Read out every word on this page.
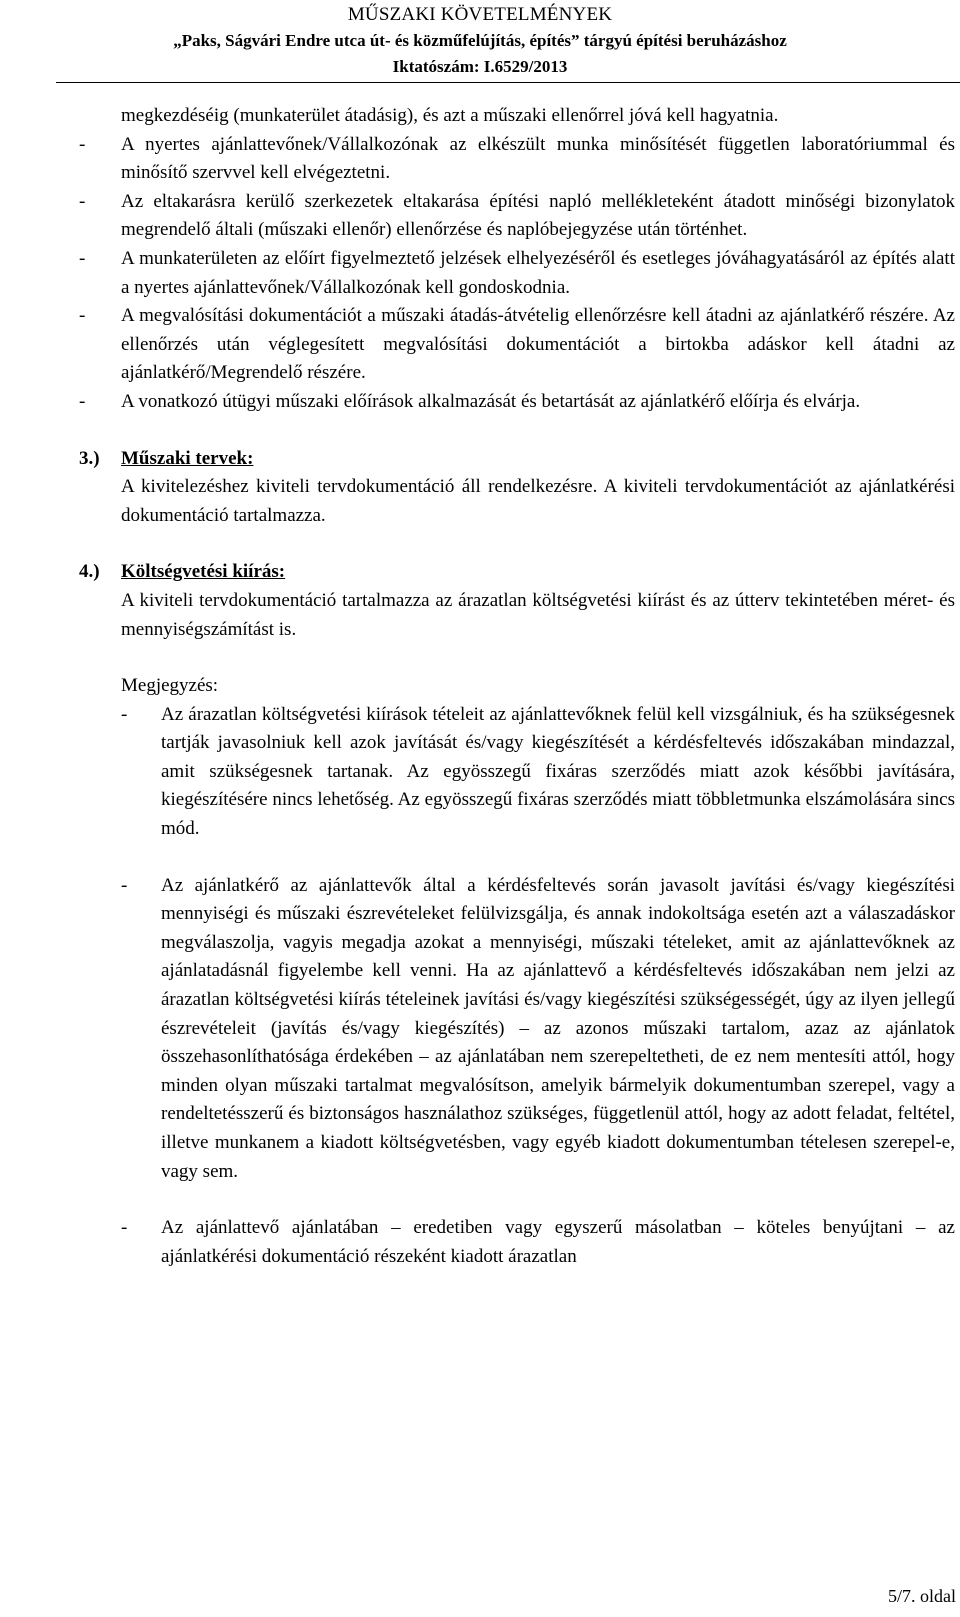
MŰSZAKI KÖVETELMÉNYEK
„Paks, Ságvári Endre utca út- és közműfelújítás, építés” tárgyú építési beruházáshoz
Iktatószám: I.6529/2013

megkezdéséig (munkaterület átadásig), és azt a műszaki ellenőrrel jóvá kell hagyatnia.

- A nyertes ajánlattevőnek/Vállalkozónak az elkészült munka minősítését független laboratóriummal és minősítő szervvel kell elvégeztetni.
- Az eltakarásra kerülő szerkezetek eltakarása építési napló mellékleteként átadott minőségi bizonylatok megrendelő általi (műszaki ellenőr) ellenőrzése és naplóbejegyzése után történhet.
- A munkaterületen az előírt figyelmeztető jelzések elhelyezéséről és esetleges jóváhagyatásáról az építés alatt a nyertes ajánlattevőnek/Vállalkozónak kell gondoskodnia.
- A megvalósítási dokumentációt a műszaki átadás-átvételig ellenőrzésre kell átadni az ajánlatkérő részére. Az ellenőrzés után véglegesített megvalósítási dokumentációt a birtokba adáskor kell átadni az ajánlatkérő/Megrendelő részére.
- A vonatkozó útügyi műszaki előírások alkalmazását és betartását az ajánlatkérő előírja és elvárja.
3.) Műszaki tervek:

A kivitelezéshez kiviteli tervdokumentáció áll rendelkezésre. A kiviteli tervdokumentációt az ajánlatkérési dokumentáció tartalmazza.

4.) Költségvetési kiírás:

A kiviteli tervdokumentáció tartalmazza az árazatlan költségvetési kiírást és az útterv tekintetében méret- és mennyiségszámítást is.

Megjegyzés:

- Az árazatlan költségvetési kiírások tételeit az ajánlattevőknek felül kell vizsgálniuk, és ha szükségesnek tartják javasolniuk kell azok javítását és/vagy kiegészítését a kérdésfeltevés időszakában mindazzal, amit szükségesnek tartanak. Az egyösszegű fixáras szerződés miatt azok későbbi javítására, kiegészítésére nincs lehetőség. Az egyösszegű fixáras szerződés miatt többletmunka elszámolására sincs mód.
- Az ajánlatkérő az ajánlattevők által a kérdésfeltevés során javasolt javítási és/vagy kiegészítési mennyiségi és műszaki észrevételeket felülvizsgálja, és annak indokoltsága esetén azt a válaszadáskor megválaszolja, vagyis megadja azokat a mennyiségi, műszaki tételeket, amit az ajánlattevőknek az ajánlatadásnál figyelembe kell venni. Ha az ajánlattevő a kérdésfeltevés időszakában nem jelzi az árazatlan költségvetési kiírás tételeinek javítási és/vagy kiegészítési szükségességét, úgy az ilyen jellegű észrevételeit (javítás és/vagy kiegészítés) – az azonos műszaki tartalom, azaz az ajánlatok összehasonlíthatósága érdekében – az ajánlatában nem szerepeltetheti, de ez nem mentesíti attól, hogy minden olyan műszaki tartalmat megvalósítson, amelyik bármelyik dokumentumban szerepel, vagy a rendeltetésszerű és biztonságos használathoz szükséges, függetlenül attól, hogy az adott feladat, feltétel, illetve munkanem a kiadott költségvetésben, vagy egyéb kiadott dokumentumban tételesen szerepel-e, vagy sem.
- Az ajánlattevő ajánlatában – eredetiben vagy egyszerű másolatban – köteles benyújtani – az ajánlatkérési dokumentáció részeként kiadott árazatlan
5/7. oldal
